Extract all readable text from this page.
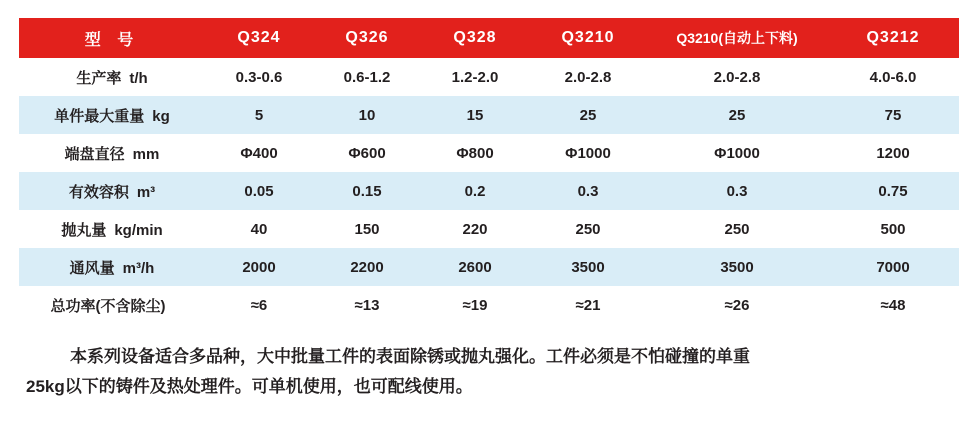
型 号	Q324	Q326	Q328	Q3210	Q3210(自动上下料)	Q3212
生产率 t/h	0.3-0.6	0.6-1.2	1.2-2.0	2.0-2.8	2.0-2.8	4.0-6.0
单件最大重量 kg	5	10	15	25	25	75
端盘直径 mm	Φ400	Φ600	Φ800	Φ1000	Φ1000	1200
有效容积 m³	0.05	0.15	0.2	0.3	0.3	0.75
抛丸量 kg/min	40	150	220	250	250	500
通风量 m³/h	2000	2200	2600	3500	3500	7000
总功率(不含除尘)	≈6	≈13	≈19	≈21	≈26	≈48
本系列设备适合多品种，大中批量工件的表面除锈或抛丸强化。工件必须是不怕碰撞的单重
25kg以下的铸件及热处理件。可单机使用，也可配线使用。
